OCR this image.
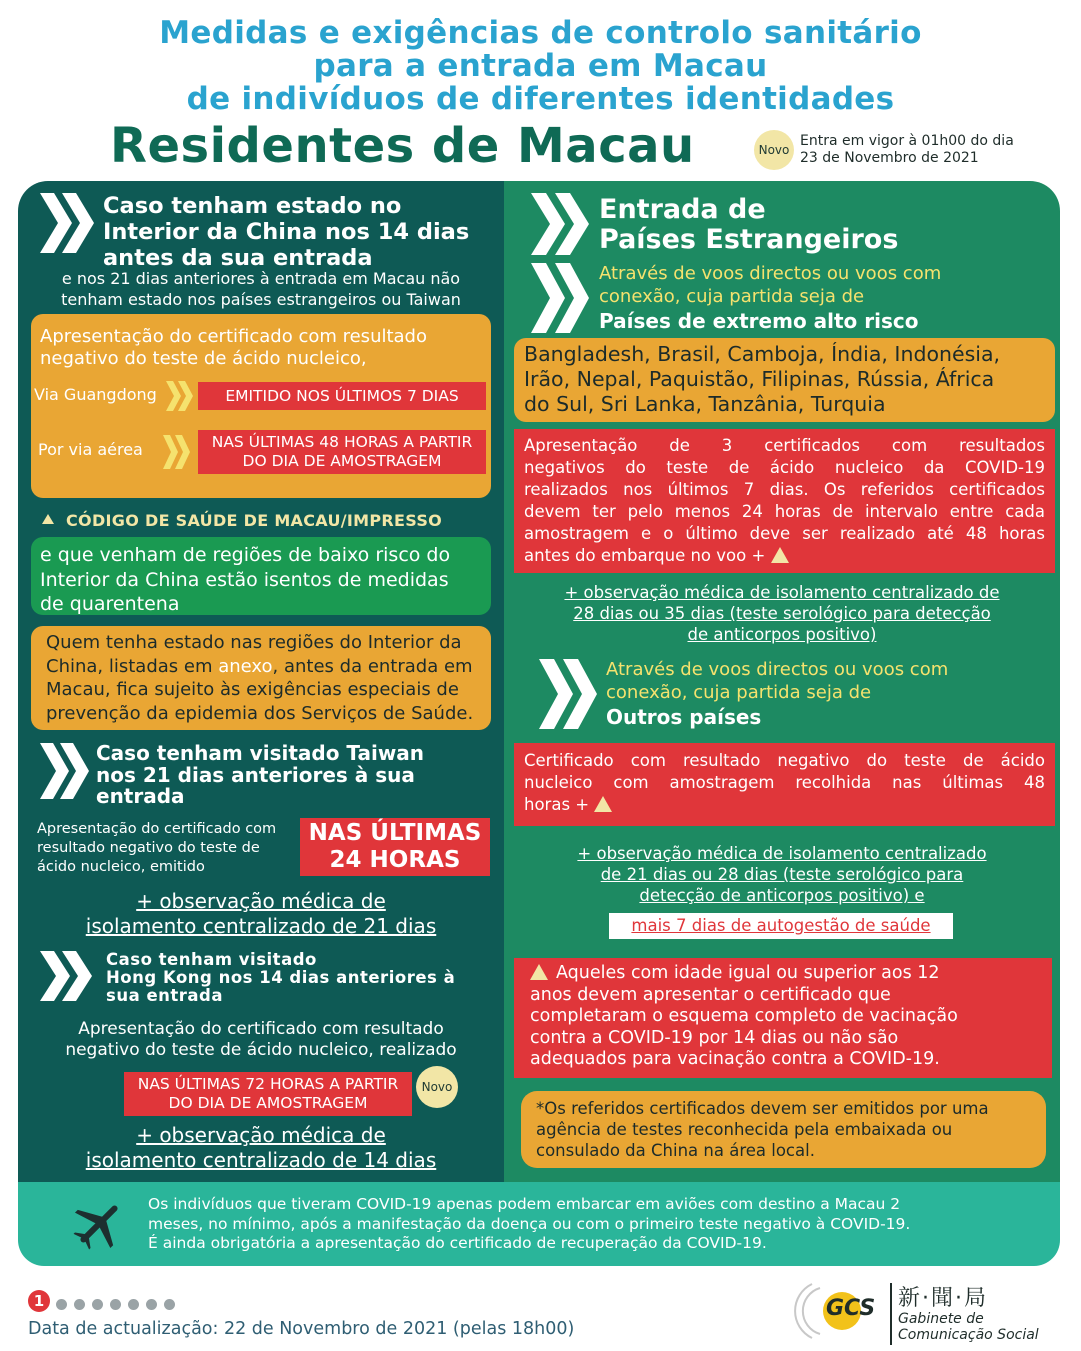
Medidas e exigências de controlo sanitário
para a entrada em Macau
de indivíduos de diferentes identidades
Residentes de Macau	Novo
Entra em vigor à 01h00 do dia
23 de Novembro de 2021
Caso tenham estado no
Interior da China nos 14 dias
antes da sua entrada
e nos 21 dias anteriores à entrada em Macau não
tenham estado nos países estrangeiros ou Taiwan
Apresentação do certificado com resultado
negativo do teste de ácido nucleico,
Via Guangdong	EMITIDO NOS ÚLTIMOS 7 DIAS
Por via aérea	NAS ÚLTIMAS 48 HORAS A PARTIR
DO DIA DE AMOSTRAGEM
CÓDIGO DE SAÚDE DE MACAU/IMPRESSO
e que venham de regiões de baixo risco do
Interior da China estão isentos de medidas
de quarentena
Quem tenha estado nas regiões do Interior da
China, listadas em anexo, antes da entrada em
Macau, fica sujeito às exigências especiais de
prevenção da epidemia dos Serviços de Saúde.
Caso tenham visitado Taiwan
nos 21 dias anteriores à sua
entrada
Apresentação do certificado com
resultado negativo do teste de
ácido nucleico, emitido
NAS ÚLTIMAS
24 HORAS
+ observação médica de
isolamento centralizado de 21 dias
Caso tenham visitado
Hong Kong nos 14 dias anteriores à
sua entrada
Apresentação do certificado com resultado
negativo do teste de ácido nucleico, realizado
NAS ÚLTIMAS 72 HORAS A PARTIR
DO DIA DE AMOSTRAGEM
Novo
+ observação médica de
isolamento centralizado de 14 dias
Entrada de
Países Estrangeiros
Através de voos directos ou voos com
conexão, cuja partida seja de
Países de extremo alto risco
Bangladesh, Brasil, Camboja, Índia, Indonésia,
Irão, Nepal, Paquistão, Filipinas, Rússia, África
do Sul, Sri Lanka, Tanzânia, Turquia
Apresentação de 3 certificados com resultados
negativos do teste de ácido nucleico da COVID-19
realizados nos últimos 7 dias. Os referidos certificados
devem ter pelo menos 24 horas de intervalo entre cada
amostragem e o último deve ser realizado até 48 horas
antes do embarque no voo +
+ observação médica de isolamento centralizado de
28 dias ou 35 dias (teste serológico para detecção
de anticorpos positivo)
Através de voos directos ou voos com
conexão, cuja partida seja de
Outros países
Certificado com resultado negativo do teste de ácido
nucleico com amostragem recolhida nas últimas 48
horas +
+ observação médica de isolamento centralizado
de 21 dias ou 28 dias (teste serológico para
detecção de anticorpos positivo) e
mais 7 dias de autogestão de saúde
Aqueles com idade igual ou superior aos 12
anos devem apresentar o certificado que
completaram o esquema completo de vacinação
contra a COVID-19 por 14 dias ou não são
adequados para vacinação contra a COVID-19.
*Os referidos certificados devem ser emitidos por uma
agência de testes reconhecida pela embaixada ou
consulado da China na área local.
Os indivíduos que tiveram COVID-19 apenas podem embarcar em aviões com destino a Macau 2
meses, no mínimo, após a manifestação da doença ou com o primeiro teste negativo à COVID-19.
É ainda obrigatória a apresentação do certificado de recuperação da COVID-19.
1
Data de actualização: 22 de Novembro de 2021 (pelas 18h00)
GCS 新·聞·局
Gabinete de
Comunicação Social
